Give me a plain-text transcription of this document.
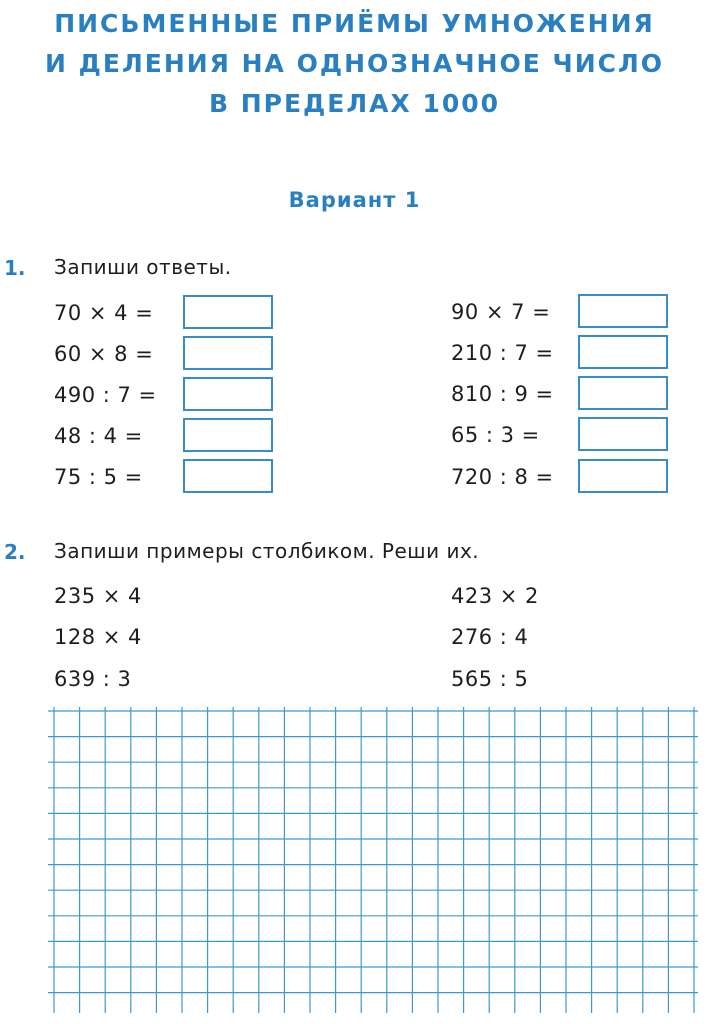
ПИСЬМЕННЫЕ ПРИЁМЫ УМНОЖЕНИЯ
И ДЕЛЕНИЯ НА ОДНОЗНАЧНОЕ ЧИСЛО
В ПРЕДЕЛАХ 1000
Вариант 1
1. Запиши ответы.
70 × 4 =
60 × 8 =
490 : 7 =
48 : 4 =
75 : 5 =
90 × 7 =
210 : 7 =
810 : 9 =
65 : 3 =
720 : 8 =
2. Запиши примеры столбиком. Реши их.
235 × 4
128 × 4
639 : 3
423 × 2
276 : 4
565 : 5
